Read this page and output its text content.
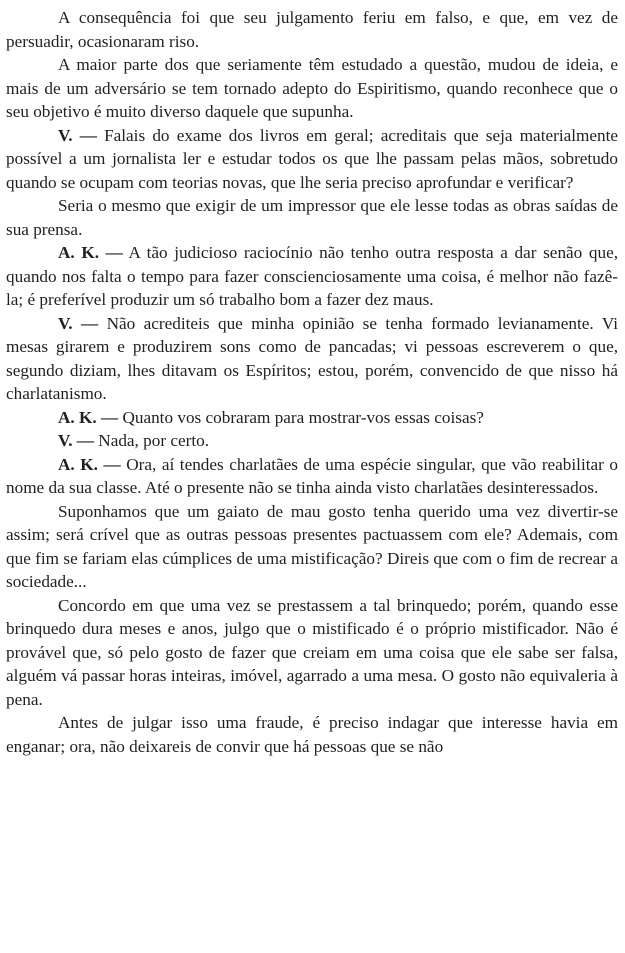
A consequência foi que seu julgamento feriu em falso, e que, em vez de persuadir, ocasionaram riso.

A maior parte dos que seriamente têm estudado a questão, mudou de ideia, e mais de um adversário se tem tornado adepto do Espiritismo, quando reconhece que o seu objetivo é muito diverso daquele que supunha.

V. — Falais do exame dos livros em geral; acreditais que seja materialmente possível a um jornalista ler e estudar todos os que lhe passam pelas mãos, sobretudo quando se ocupam com teorias novas, que lhe seria preciso aprofundar e verificar?

Seria o mesmo que exigir de um impressor que ele lesse todas as obras saídas de sua prensa.

A. K. — A tão judicioso raciocínio não tenho outra resposta a dar senão que, quando nos falta o tempo para fazer conscienciosamente uma coisa, é melhor não fazê-la; é preferível produzir um só trabalho bom a fazer dez maus.

V. — Não acrediteis que minha opinião se tenha formado levianamente. Vi mesas girarem e produzirem sons como de pancadas; vi pessoas escreverem o que, segundo diziam, lhes ditavam os Espíritos; estou, porém, convencido de que nisso há charlatanismo.

A. K. — Quanto vos cobraram para mostrar-vos essas coisas?

V. — Nada, por certo.

A. K. — Ora, aí tendes charlatães de uma espécie singular, que vão reabilitar o nome da sua classe. Até o presente não se tinha ainda visto charlatães desinteressados.

Suponhamos que um gaiato de mau gosto tenha querido uma vez divertir-se assim; será crível que as outras pessoas presentes pactuassem com ele? Ademais, com que fim se fariam elas cúmplices de uma mistificação? Direis que com o fim de recrear a sociedade...

Concordo em que uma vez se prestassem a tal brinquedo; porém, quando esse brinquedo dura meses e anos, julgo que o mistificado é o próprio mistificador. Não é provável que, só pelo gosto de fazer que creiam em uma coisa que ele sabe ser falsa, alguém vá passar horas inteiras, imóvel, agarrado a uma mesa. O gosto não equivaleria à pena.

Antes de julgar isso uma fraude, é preciso indagar que interesse havia em enganar; ora, não deixareis de convir que há pessoas que se não
